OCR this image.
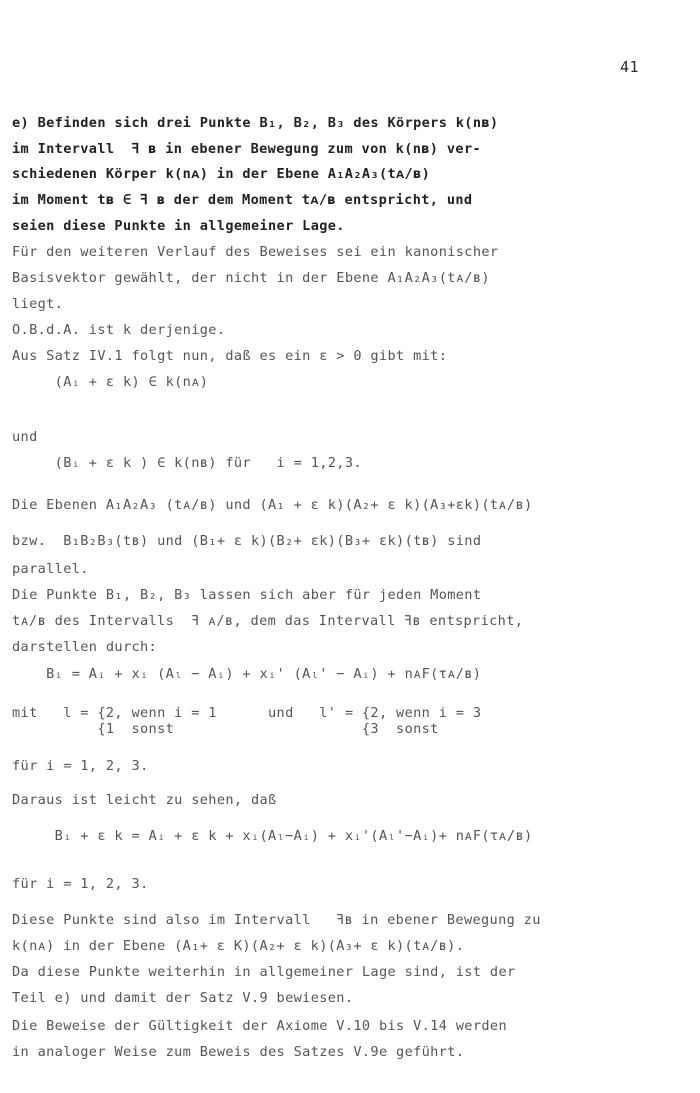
41
e) Befinden sich drei Punkte B₁, B₂, B₃ des Körpers k(nʙ)
im Intervall  ꟻ ʙ in ebener Bewegung zum von k(nʙ) ver-
schiedenen Körper k(nᴀ) in der Ebene A₁A₂A₃(tᴀ/ʙ)
im Moment tʙ ∈ ꟻ ʙ der dem Moment tᴀ/ʙ entspricht, und
seien diese Punkte in allgemeiner Lage.
Für den weiteren Verlauf des Beweises sei ein kanonischer
Basisvektor gewählt, der nicht in der Ebene A₁A₂A₃(tᴀ/ʙ)
liegt.
O.B.d.A. ist k derjenige.
Aus Satz IV.1 folgt nun, daß es ein ε > 0 gibt mit:
(Aᵢ + ε k) ∈ k(nᴀ)
und
(Bᵢ + ε k ) ∈ k(nʙ) für   i = 1,2,3.
Die Ebenen A₁A₂A₃ (tᴀ/ʙ) und (A₁ + ε k)(A₂+ ε k)(A₃+εk)(tᴀ/ʙ)
bzw.  B₁B₂B₃(tʙ) und (B₁+ ε k)(B₂+ εk)(B₃+ εk)(tʙ) sind
parallel.
Die Punkte B₁, B₂, B₃ lassen sich aber für jeden Moment
tᴀ/ʙ des Intervalls  ꟻ ᴀ/ʙ, dem das Intervall ꟻʙ entspricht,
darstellen durch:
Bᵢ = Aᵢ + xᵢ (Aₗ − Aᵢ) + xᵢ' (Aₗ' − Aᵢ) + nᴀF(τᴀ/ʙ)
mit   l = {2, wenn i = 1      und   l' = {2, wenn i = 3
{1  sonst                      {3  sonst
für i = 1, 2, 3.
Daraus ist leicht zu sehen, daß
Bᵢ + ε k = Aᵢ + ε k + xᵢ(Aₗ−Aᵢ) + xᵢ'(Aₗ'−Aᵢ)+ nᴀF(τᴀ/ʙ)
für i = 1, 2, 3.
Diese Punkte sind also im Intervall   ꟻʙ in ebener Bewegung zu
k(nᴀ) in der Ebene (A₁+ ε K)(A₂+ ε k)(A₃+ ε k)(tᴀ/ʙ).
Da diese Punkte weiterhin in allgemeiner Lage sind, ist der
Teil e) und damit der Satz V.9 bewiesen.
Die Beweise der Gültigkeit der Axiome V.10 bis V.14 werden
in analoger Weise zum Beweis des Satzes V.9e geführt.
